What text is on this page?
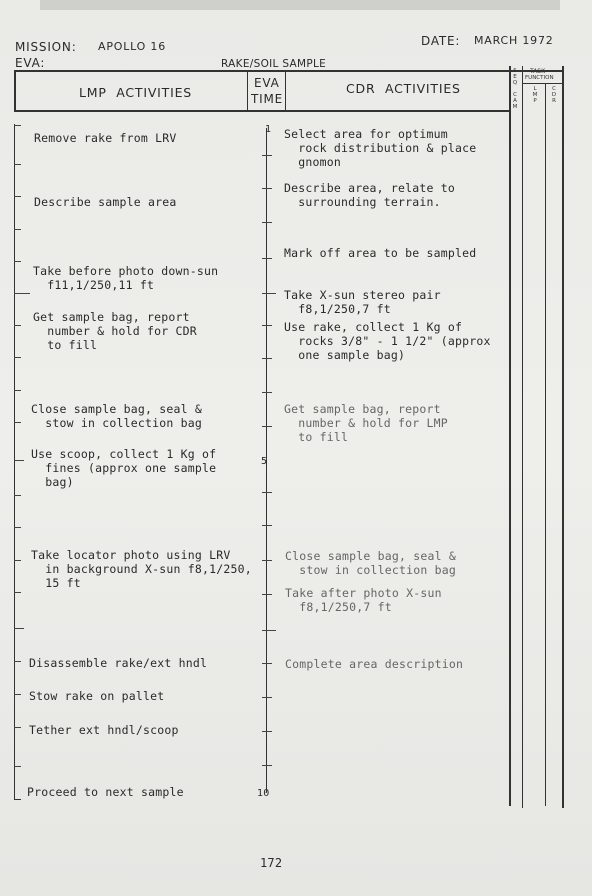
MISSION: APOLLO 16
EVA:
DATE: MARCH 1972
RAKE/SOIL SAMPLE
LMP  ACTIVITIES
EVA
TIME
CDR  ACTIVITIES
TASK
FUNCTION
S
E
Q

C
A
M
L
M
P
C
D
R
1
5
10
Remove rake from LRV
Describe sample area
Take before photo down-sun
f11,1/250,11 ft
Get sample bag, report
number & hold for CDR
to fill
Close sample bag, seal &
stow in collection bag
Use scoop, collect 1 Kg of
fines (approx one sample
bag)
Take locator photo using LRV
in background X-sun f8,1/250,
15 ft
Disassemble rake/ext hndl
Stow rake on pallet
Tether ext hndl/scoop
Proceed to next sample
Select area for optimum
rock distribution & place
gnomon
Describe area, relate to
surrounding terrain.
Mark off area to be sampled
Take X-sun stereo pair
f8,1/250,7 ft
Use rake, collect 1 Kg of
rocks 3/8" - 1 1/2" (approx
one sample bag)
Get sample bag, report
number & hold for LMP
to fill
Close sample bag, seal &
stow in collection bag
Take after photo X-sun
f8,1/250,7 ft
Complete area description
172
